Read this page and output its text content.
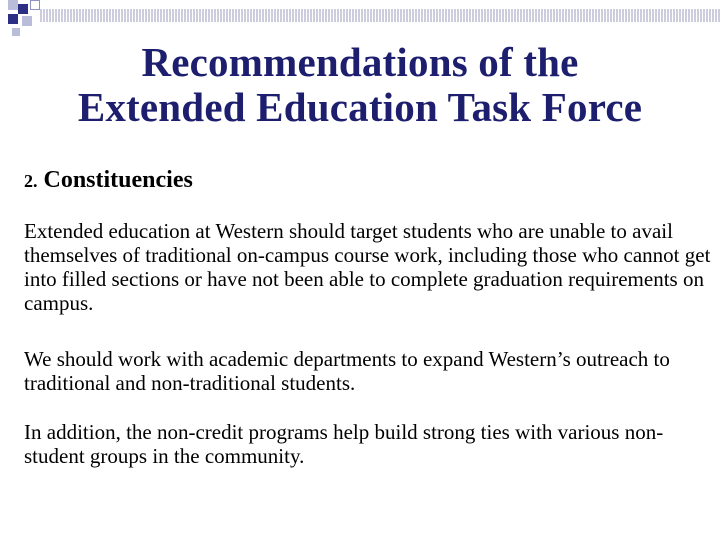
Recommendations of the
Extended Education Task Force
2. Constituencies

Extended education at Western should target students who are unable to avail themselves of traditional on-campus course work, including those who cannot get into filled sections or have not been able to complete graduation requirements on campus.

We should work with academic departments to expand Western’s outreach to traditional and non-traditional students.

In addition, the non-credit programs help build strong ties with various non-student groups in the community.
